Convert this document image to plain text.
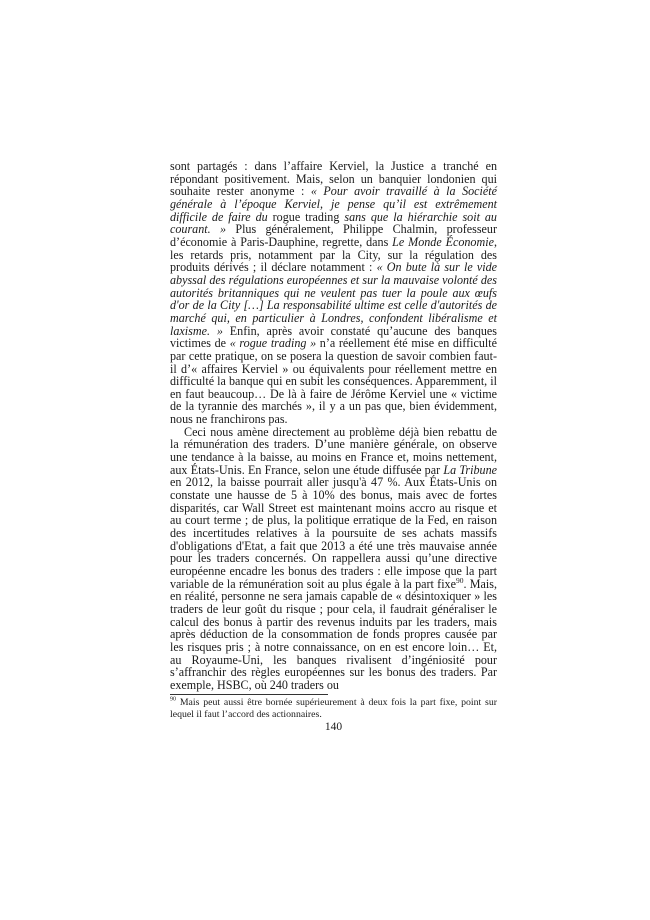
sont partagés : dans l’affaire Kerviel, la Justice a tranché en répondant positivement. Mais, selon un banquier londonien qui souhaite rester anonyme : « Pour avoir travaillé à la Société générale à l’époque Kerviel, je pense qu’il est extrêmement difficile de faire du rogue trading sans que la hiérarchie soit au courant. » Plus généralement, Philippe Chalmin, professeur d’économie à Paris-Dauphine, regrette, dans Le Monde Économie, les retards pris, notamment par la City, sur la régulation des produits dérivés ; il déclare notamment : « On bute là sur le vide abyssal des régulations européennes et sur la mauvaise volonté des autorités britanniques qui ne veulent pas tuer la poule aux œufs d'or de la City […] La responsabilité ultime est celle d'autorités de marché qui, en particulier à Londres, confondent libéralisme et laxisme. » Enfin, après avoir constaté qu’aucune des banques victimes de « rogue trading » n’a réellement été mise en difficulté par cette pratique, on se posera la question de savoir combien faut-il d’« affaires Kerviel » ou équivalents pour réellement mettre en difficulté la banque qui en subit les conséquences. Apparemment, il en faut beaucoup… De là à faire de Jérôme Kerviel une « victime de la tyrannie des marchés », il y a un pas que, bien évidemment, nous ne franchirons pas.

Ceci nous amène directement au problème déjà bien rebattu de la rémunération des traders. D’une manière générale, on observe une tendance à la baisse, au moins en France et, moins nettement, aux États-Unis. En France, selon une étude diffusée par La Tribune en 2012, la baisse pourrait aller jusqu'à 47 %. Aux États-Unis on constate une hausse de 5 à 10% des bonus, mais avec de fortes disparités, car Wall Street est maintenant moins accro au risque et au court terme ; de plus, la politique erratique de la Fed, en raison des incertitudes relatives à la poursuite de ses achats massifs d'obligations d'Etat, a fait que 2013 a été une très mauvaise année pour les traders concernés. On rappellera aussi qu’une directive européenne encadre les bonus des traders : elle impose que la part variable de la rémunération soit au plus égale à la part fixe$^{90}$. Mais, en réalité, personne ne sera jamais capable de « désintoxiquer » les traders de leur goût du risque ; pour cela, il faudrait généraliser le calcul des bonus à partir des revenus induits par les traders, mais après déduction de la consommation de fonds propres causée par les risques pris ; à notre connaissance, on en est encore loin… Et, au Royaume-Uni, les banques rivalisent d’ingéniosité pour s’affranchir des règles européennes sur les bonus des traders. Par exemple, HSBC, où 240 traders ou

$^{90}$ Mais peut aussi être bornée supérieurement à deux fois la part fixe, point sur lequel il faut l’accord des actionnaires.

140
